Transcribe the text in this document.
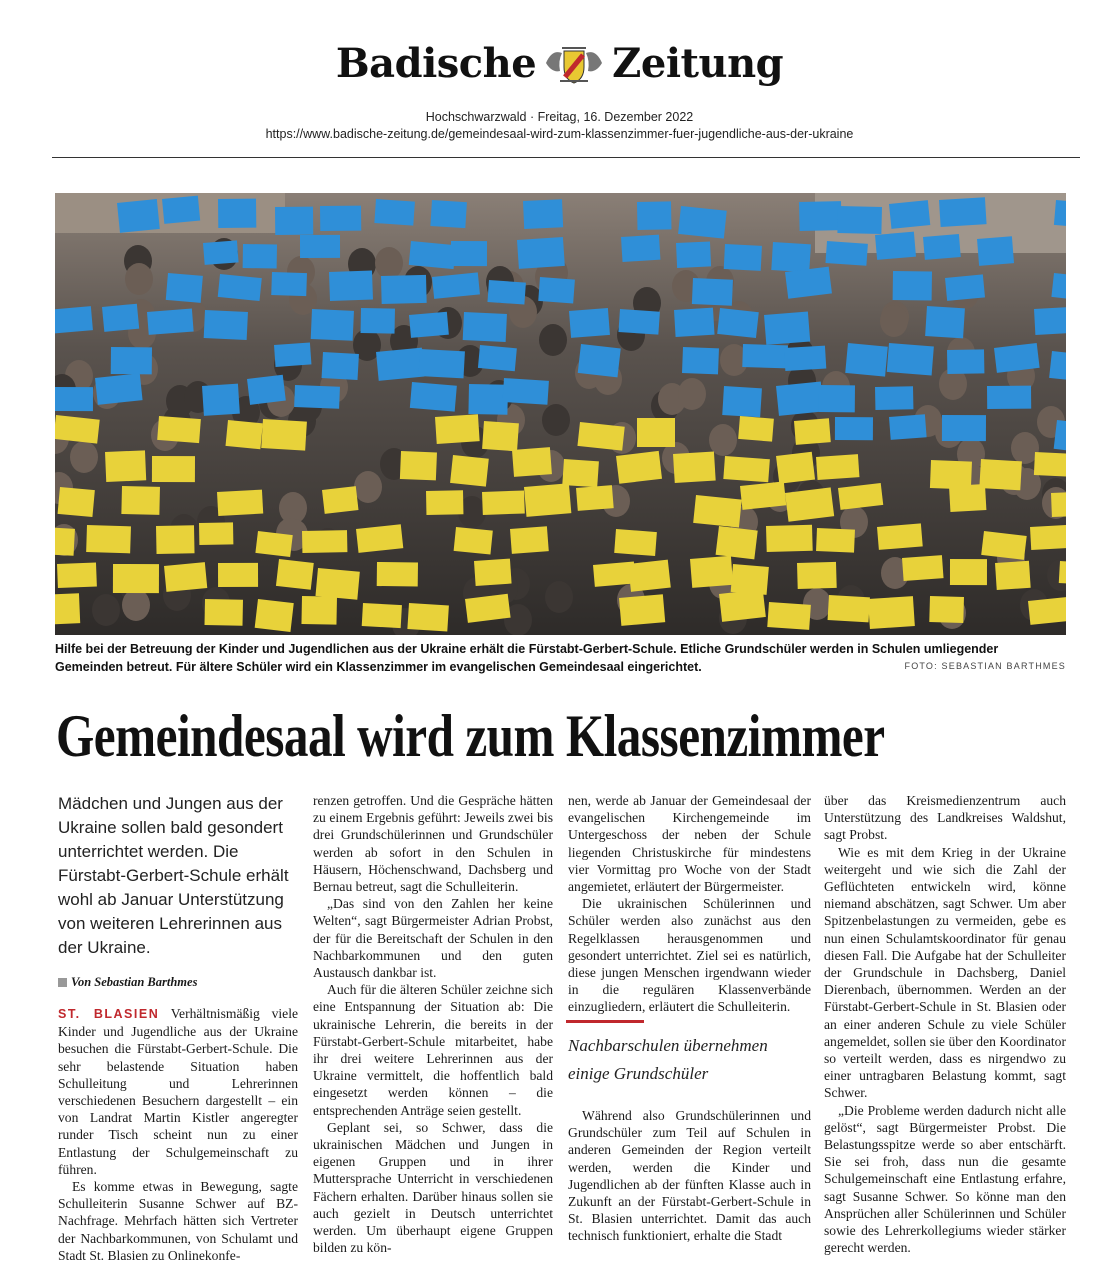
Badische Zeitung
Hochschwarzwald · Freitag, 16. Dezember 2022
https://www.badische-zeitung.de/gemeindesaal-wird-zum-klassenzimmer-fuer-jugendliche-aus-der-ukraine
Hilfe bei der Betreuung der Kinder und Jugendlichen aus der Ukraine erhält die Fürstabt-Gerbert-Schule. Etliche Grundschüler werden in Schulen umliegender Gemeinden betreut. Für ältere Schüler wird ein Klassenzimmer im evangelischen Gemeindesaal eingerichtet.	FOTO: SEBASTIAN BARTHMES
Gemeindesaal wird zum Klassenzimmer
Mädchen und Jungen aus der Ukraine sollen bald gesondert unterrichtet werden. Die Fürstabt-Gerbert-Schule erhält wohl ab Januar Unterstützung von weiteren Lehrerinnen aus der Ukraine.
Von Sebastian Barthmes

ST. BLASIEN Verhältnismäßig viele Kinder und Jugendliche aus der Ukraine besuchen die Fürstabt-Gerbert-Schule. Die sehr belastende Situation haben Schulleitung und Lehrerinnen verschiedenen Besuchern dargestellt – ein von Landrat Martin Kistler angeregter runder Tisch scheint nun zu einer Entlastung der Schulgemeinschaft zu führen.

Es komme etwas in Bewegung, sagte Schulleiterin Susanne Schwer auf BZ-Nachfrage. Mehrfach hätten sich Vertreter der Nachbarkommunen, von Schulamt und Stadt St. Blasien zu Onlinekonfe-

renzen getroffen. Und die Gespräche hätten zu einem Ergebnis geführt: Jeweils zwei bis drei Grundschülerinnen und Grundschüler werden ab sofort in den Schulen in Häusern, Höchenschwand, Dachsberg und Bernau betreut, sagt die Schulleiterin.

„Das sind von den Zahlen her keine Welten“, sagt Bürgermeister Adrian Probst, der für die Bereitschaft der Schulen in den Nachbarkommunen und den guten Austausch dankbar ist.

Auch für die älteren Schüler zeichne sich eine Entspannung der Situation ab: Die ukrainische Lehrerin, die bereits in der Fürstabt-Gerbert-Schule mitarbeitet, habe ihr drei weitere Lehrerinnen aus der Ukraine vermittelt, die hoffentlich bald eingesetzt werden können – die entsprechenden Anträge seien gestellt.

Geplant sei, so Schwer, dass die ukrainischen Mädchen und Jungen in eigenen Gruppen und in ihrer Muttersprache Unterricht in verschiedenen Fächern erhalten. Darüber hinaus sollen sie auch gezielt in Deutsch unterrichtet werden. Um überhaupt eigene Gruppen bilden zu kön-

nen, werde ab Januar der Gemeindesaal der evangelischen Kirchengemeinde im Untergeschoss der neben der Schule liegenden Christuskirche für mindestens vier Vormittag pro Woche von der Stadt angemietet, erläutert der Bürgermeister.

Die ukrainischen Schülerinnen und Schüler werden also zunächst aus den Regelklassen herausgenommen und gesondert unterrichtet. Ziel sei es natürlich, diese jungen Menschen irgendwann wieder in die regulären Klassenverbände einzugliedern, erläutert die Schulleiterin.

Nachbarschulen übernehmen einige Grundschüler

Während also Grundschülerinnen und Grundschüler zum Teil auf Schulen in anderen Gemeinden der Region verteilt werden, werden die Kinder und Jugendlichen ab der fünften Klasse auch in Zukunft an der Fürstabt-Gerbert-Schule in St. Blasien unterrichtet. Damit das auch technisch funktioniert, erhalte die Stadt

über das Kreismedienzentrum auch Unterstützung des Landkreises Waldshut, sagt Probst.

Wie es mit dem Krieg in der Ukraine weitergeht und wie sich die Zahl der Geflüchteten entwickeln wird, könne niemand abschätzen, sagt Schwer. Um aber Spitzenbelastungen zu vermeiden, gebe es nun einen Schulamtskoordinator für genau diesen Fall. Die Aufgabe hat der Schulleiter der Grundschule in Dachsberg, Daniel Dierenbach, übernommen. Werden an der Fürstabt-Gerbert-Schule in St. Blasien oder an einer anderen Schule zu viele Schüler angemeldet, sollen sie über den Koordinator so verteilt werden, dass es nirgendwo zu einer untragbaren Belastung kommt, sagt Schwer.

„Die Probleme werden dadurch nicht alle gelöst“, sagt Bürgermeister Probst. Die Belastungsspitze werde so aber entschärft. Sie sei froh, dass nun die gesamte Schulgemeinschaft eine Entlastung erfahre, sagt Susanne Schwer. So könne man den Ansprüchen aller Schülerinnen und Schüler sowie des Lehrerkollegiums wieder stärker gerecht werden.
